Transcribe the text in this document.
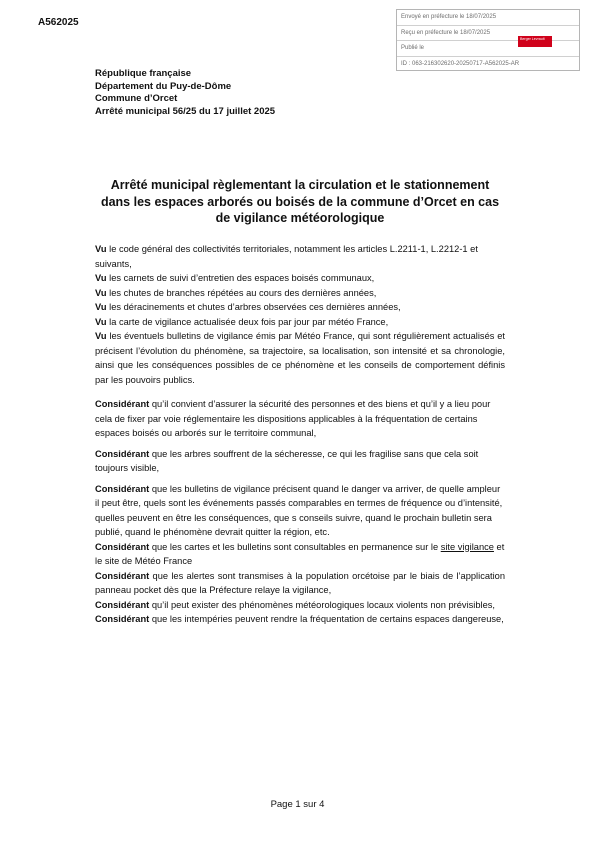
A562025	Envoyé en préfecture le 18/07/2025
Reçu en préfecture le 18/07/2025
Publié le
ID : 063-216302620-20250717-A562025-AR
Berger Levrault
République française
Département du Puy-de-Dôme
Commune d’Orcet
Arrêté municipal 56/25 du 17 juillet 2025
Arrêté municipal règlementant la circulation et le stationnement dans les espaces arborés ou boisés de la commune d’Orcet en cas de vigilance météorologique
Vu le code général des collectivités territoriales, notamment les articles L.2211-1, L.2212-1 et suivants,
Vu les carnets de suivi d’entretien des espaces boisés communaux,
Vu les chutes de branches répétées au cours des dernières années,
Vu les déracinements et chutes d’arbres observées ces dernières années,
Vu la carte de vigilance actualisée deux fois par jour par météo France,
Vu les éventuels bulletins de vigilance émis par Météo France, qui sont régulièrement actualisés et précisent l’évolution du phénomène, sa trajectoire, sa localisation, son intensité et sa chronologie, ainsi que les conséquences possibles de ce phénomène et les conseils de comportement définis par les pouvoirs publics.
Considérant qu’il convient d’assurer la sécurité des personnes et des biens et qu’il y a lieu pour cela de fixer par voie réglementaire les dispositions applicables à la fréquentation de certains espaces boisés ou arborés sur le territoire communal,
Considérant que les arbres souffrent de la sécheresse, ce qui les fragilise sans que cela soit toujours visible,
Considérant que les bulletins de vigilance précisent quand le danger va arriver, de quelle ampleur il peut être, quels sont les événements passés comparables en termes de fréquence ou d’intensité, quelles peuvent en être les conséquences, que s conseils suivre, quand le prochain bulletin sera publié, quand le phénomène devrait quitter la région, etc.
Considérant que les cartes et les bulletins sont consultables en permanence sur le site vigilance et le site de Météo France
Considérant que les alertes sont transmises à la population orcétoise par le biais de l’application panneau pocket dès que la Préfecture relaye la vigilance,
Considérant qu’il peut exister des phénomènes météorologiques locaux violents non prévisibles,
Considérant que les intempéries peuvent rendre la fréquentation de certains espaces dangereuse,
Page 1 sur 4
